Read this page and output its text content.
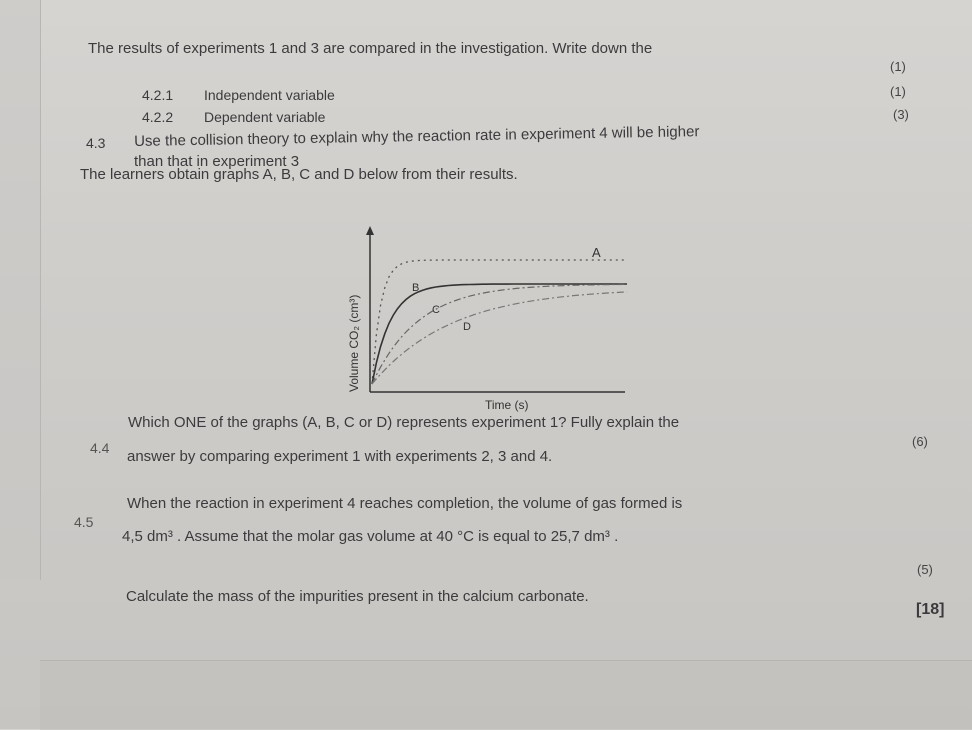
The results of experiments 1 and 3 are compared in the investigation. Write down the
(1)
4.2.1 Independent variable	(1)
4.2.2 Dependent variable
4.3 Use the collision theory to explain why the reaction rate in experiment 4 will be higher
(3)
than that in experiment 3
The learners obtain graphs A, B, C and D below from their results.
A
B
C
D
Time (s)
Volume CO₂ (cm³)
4.4
Which ONE of the graphs (A, B, C or D) represents experiment 1? Fully explain the
answer by comparing experiment 1 with experiments 2, 3 and 4.
(6)
4.5
When the reaction in experiment 4 reaches completion, the volume of gas formed is
4,5 dm³ . Assume that the molar gas volume at 40 °C is equal to 25,7 dm³ .
(5)
Calculate the mass of the impurities present in the calcium carbonate.
[18]
